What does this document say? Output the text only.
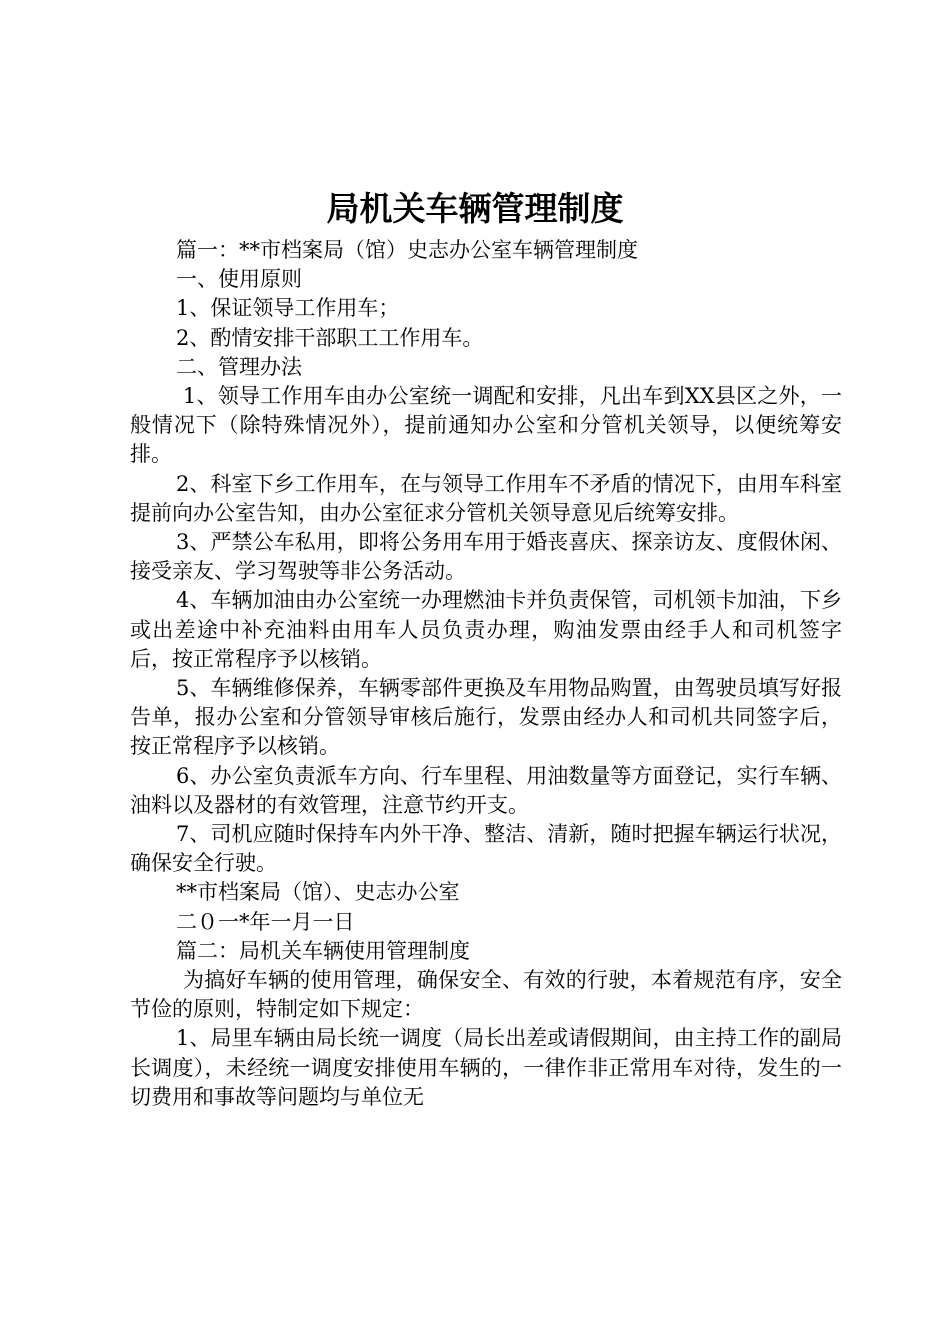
局机关车辆管理制度

篇一：**市档案局（馆）史志办公室车辆管理制度

一、使用原则

1、保证领导工作用车；

2、酌情安排干部职工工作用车。

二、管理办法

1、领导工作用车由办公室统一调配和安排，凡出车到XX县区之外，一般情况下（除特殊情况外），提前通知办公室和分管机关领导，以便统筹安排。

2、科室下乡工作用车，在与领导工作用车不矛盾的情况下，由用车科室提前向办公室告知，由办公室征求分管机关领导意见后统筹安排。

3、严禁公车私用，即将公务用车用于婚丧喜庆、探亲访友、度假休闲、接受亲友、学习驾驶等非公务活动。

4、车辆加油由办公室统一办理燃油卡并负责保管，司机领卡加油，下乡或出差途中补充油料由用车人员负责办理，购油发票由经手人和司机签字后，按正常程序予以核销。

5、车辆维修保养，车辆零部件更换及车用物品购置，由驾驶员填写好报告单，报办公室和分管领导审核后施行，发票由经办人和司机共同签字后，按正常程序予以核销。

6、办公室负责派车方向、行车里程、用油数量等方面登记，实行车辆、油料以及器材的有效管理，注意节约开支。

7、司机应随时保持车内外干净、整洁、清新，随时把握车辆运行状况，确保安全行驶。

**市档案局（馆）、史志办公室

二０一*年一月一日

篇二：局机关车辆使用管理制度

为搞好车辆的使用管理，确保安全、有效的行驶，本着规范有序，安全节俭的原则，特制定如下规定：

1、局里车辆由局长统一调度（局长出差或请假期间，由主持工作的副局长调度），未经统一调度安排使用车辆的，一律作非正常用车对待，发生的一切费用和事故等问题均与单位无
